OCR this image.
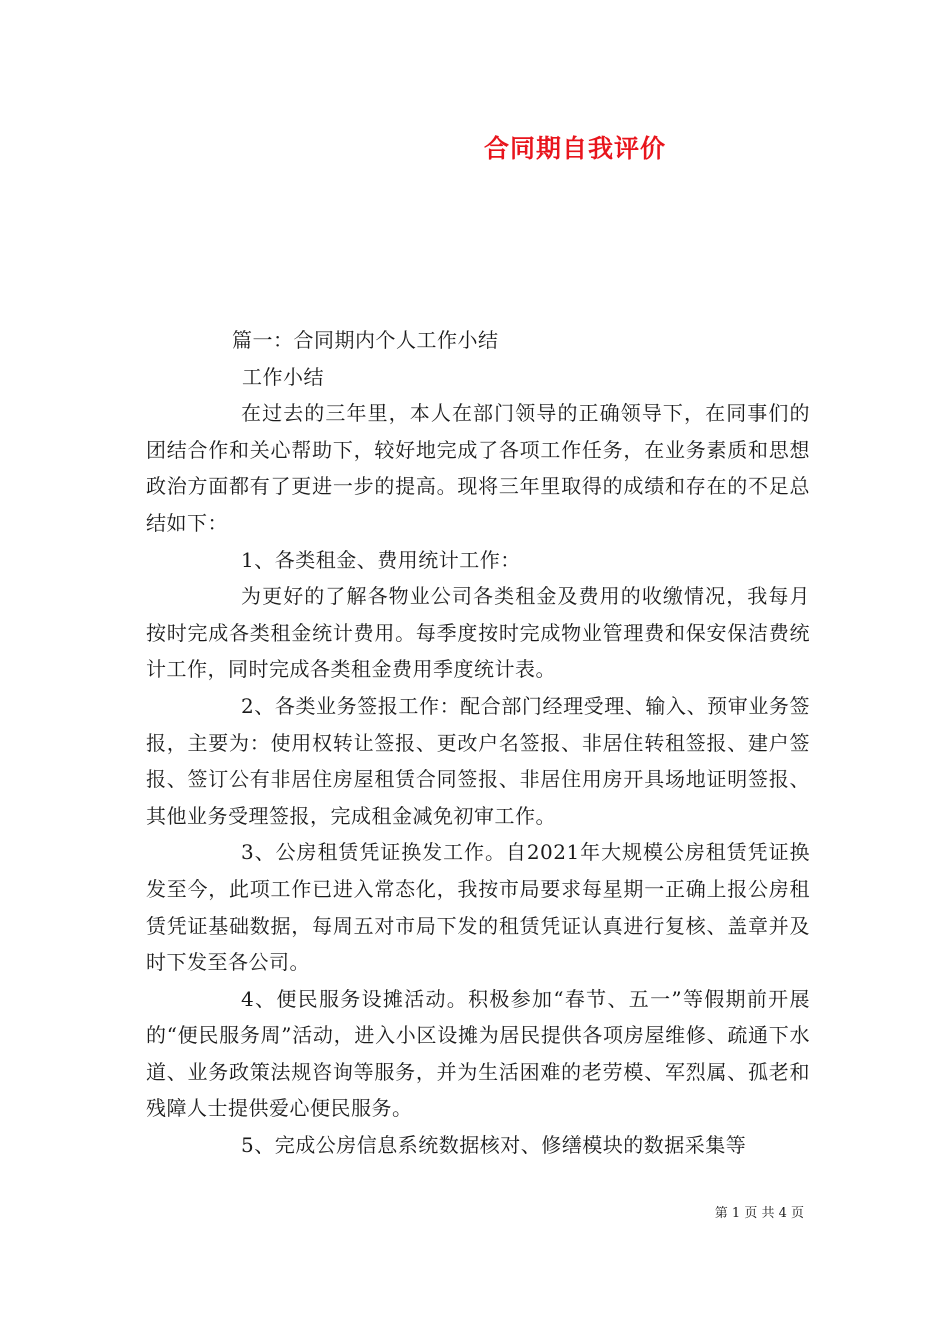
合同期自我评价

篇一：合同期内个人工作小结

工作小结

在过去的三年里，本人在部门领导的正确领导下，在同事们的团结合作和关心帮助下，较好地完成了各项工作任务，在业务素质和思想政治方面都有了更进一步的提高。现将三年里取得的成绩和存在的不足总结如下：

1、各类租金、费用统计工作：

为更好的了解各物业公司各类租金及费用的收缴情况，我每月按时完成各类租金统计费用。每季度按时完成物业管理费和保安保洁费统计工作，同时完成各类租金费用季度统计表。

2、各类业务签报工作：配合部门经理受理、输入、预审业务签报，主要为：使用权转让签报、更改户名签报、非居住转租签报、建户签报、签订公有非居住房屋租赁合同签报、非居住用房开具场地证明签报、其他业务受理签报，完成租金减免初审工作。

3、公房租赁凭证换发工作。自2021年大规模公房租赁凭证换发至今，此项工作已进入常态化，我按市局要求每星期一正确上报公房租赁凭证基础数据，每周五对市局下发的租赁凭证认真进行复核、盖章并及时下发至各公司。

4、便民服务设摊活动。积极参加“春节、五一”等假期前开展的“便民服务周”活动，进入小区设摊为居民提供各项房屋维修、疏通下水道、业务政策法规咨询等服务，并为生活困难的老劳模、军烈属、孤老和残障人士提供爱心便民服务。

5、完成公房信息系统数据核对、修缮模块的数据采集等

第 1 页 共 4 页
